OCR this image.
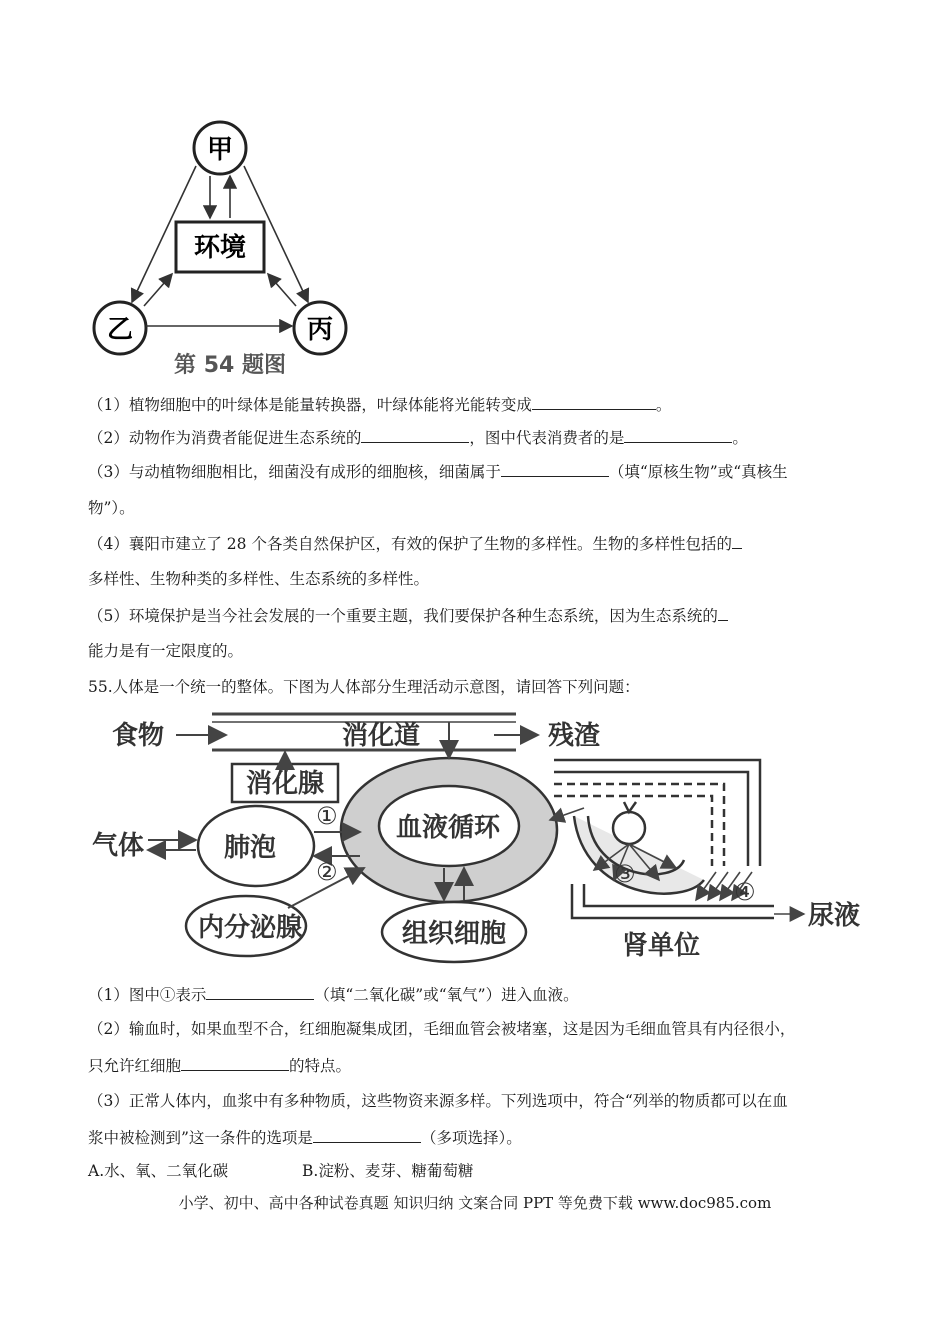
甲
乙	丙
环境
第 54 题图
（1）植物细胞中的叶绿体是能量转换器，叶绿体能将光能转变成	。
（2）动物作为消费者能促进生态系统的	，图中代表消费者的是	。
（3）与动植物细胞相比，细菌没有成形的细胞核，细菌属于	（填“原核生物”或“真核生
物”）。
（4）襄阳市建立了 28 个各类自然保护区，有效的保护了生物的多样性。生物的多样性包括的
多样性、生物种类的多样性、生态系统的多样性。
（5）环境保护是当今社会发展的一个重要主题，我们要保护各种生态系统，因为生态系统的
能力是有一定限度的。
55.人体是一个统一的整体。下图为人体部分生理活动示意图，请回答下列问题：
食物	消化道	残渣
消化腺
血液循环
气体	肺泡
①
②
内分泌腺	组织细胞
③
④
尿液
肾单位
（1）图中①表示	（填“二氧化碳”或“氧气”）进入血液。
（2）输血时，如果血型不合，红细胞凝集成团，毛细血管会被堵塞，这是因为毛细血管具有内径很小，
只允许红细胞	的特点。
（3）正常人体内，血浆中有多种物质，这些物资来源多样。下列选项中，符合“列举的物质都可以在血
浆中被检测到”这一条件的选项是	（多项选择）。
A.水、氧、二氧化碳	B.淀粉、麦芽、糖葡萄糖
小学、初中、高中各种试卷真题 知识归纳 文案合同 PPT 等免费下载 www.doc985.com
